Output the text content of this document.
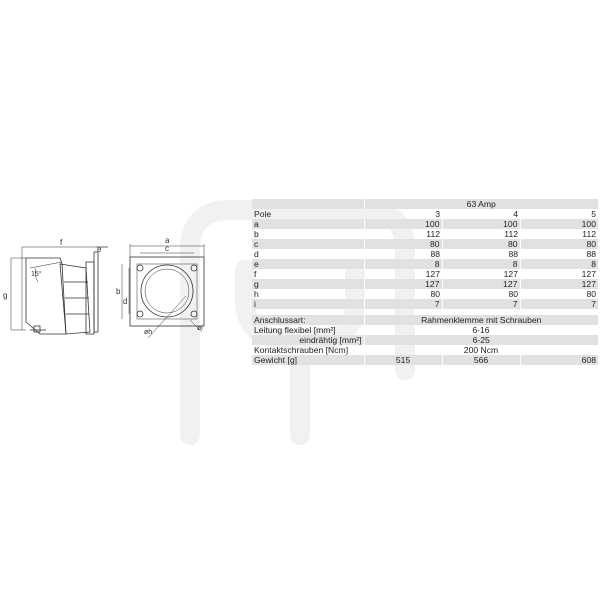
f
e
g
15°
a
c
b
d
øh
øi
	63 Amp		
Pole	3	4	5
a	100	100	100
b	112	112	112
c	80	80	80
d	88	88	88
e	8	8	8
f	127	127	127
g	127	127	127
h	80	80	80
i	7	7	7

Anschlussart:	Rahmenklemme mit Schrauben		
Leitung flexibel [mm²]	6-16		
eindrähtig [mm²]	6-25		
Kontaktschrauben [Ncm]	200 Ncm		
Gewicht [g]	515	566	608
